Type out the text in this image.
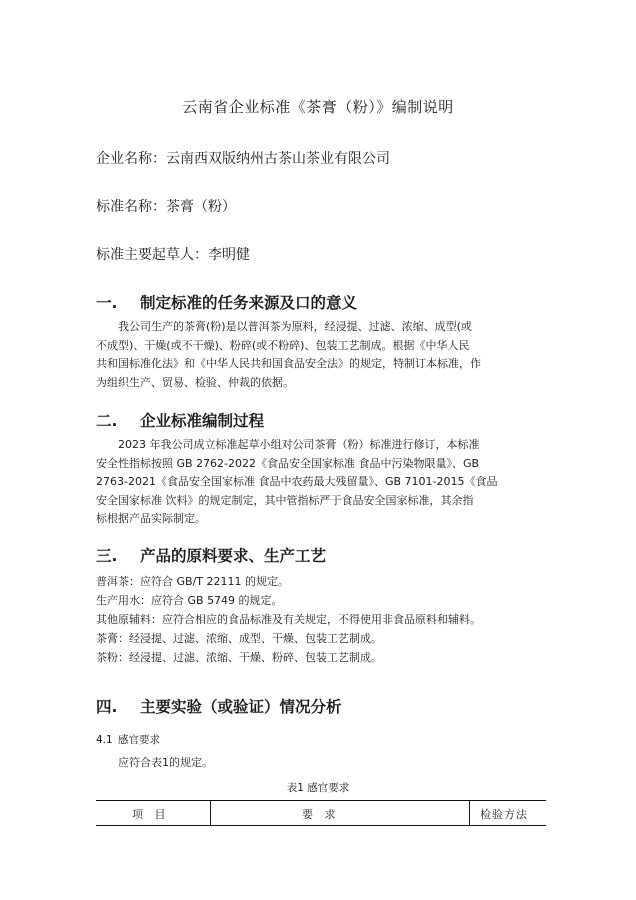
云南省企业标准《茶膏（粉）》编制说明
企业名称：云南西双版纳州古茶山茶业有限公司
标准名称：茶膏（粉）
标准主要起草人：李明健
一. 制定标准的任务来源及口的意义
我公司生产的茶膏(粉)是以普洱茶为原料，经浸提、过滤、浓缩、成型(或
不成型)、干燥(或不干燥)、粉碎(或不粉碎)、包装工艺制成。根据《中华人民
共和国标准化法》和《中华人民共和国食品安全法》的规定，特制订本标准，作
为组织生产、贸易、检验、仲裁的依据。
二. 企业标准编制过程
2023 年我公司成立标准起草小组对公司茶膏（粉）标准进行修订，本标准
安全性指标按照 GB 2762-2022《食品安全国家标准 食品中污染物限量》、GB
2763-2021《食品安全国家标准 食品中农药最大残留量》、GB 7101-2015《食品
安全国家标准 饮料》的规定制定，其中管指标严于食品安全国家标准，其余指
标根据产品实际制定。
三. 产品的原料要求、生产工艺
普洱茶：应符合 GB/T 22111 的规定。
生产用水：应符合 GB 5749 的规定。
其他原辅料：应符合相应的食品标准及有关规定，不得使用非食品原料和辅料。
茶膏：经浸提、过滤、浓缩、成型、干燥、包装工艺制成。
茶粉：经浸提、过滤、浓缩、干燥、粉碎、包装工艺制成。
四. 主要实验（或验证）情况分析
4.1 感官要求
应符合表1的规定。
表1 感官要求
项 目	要 求	检验方法
